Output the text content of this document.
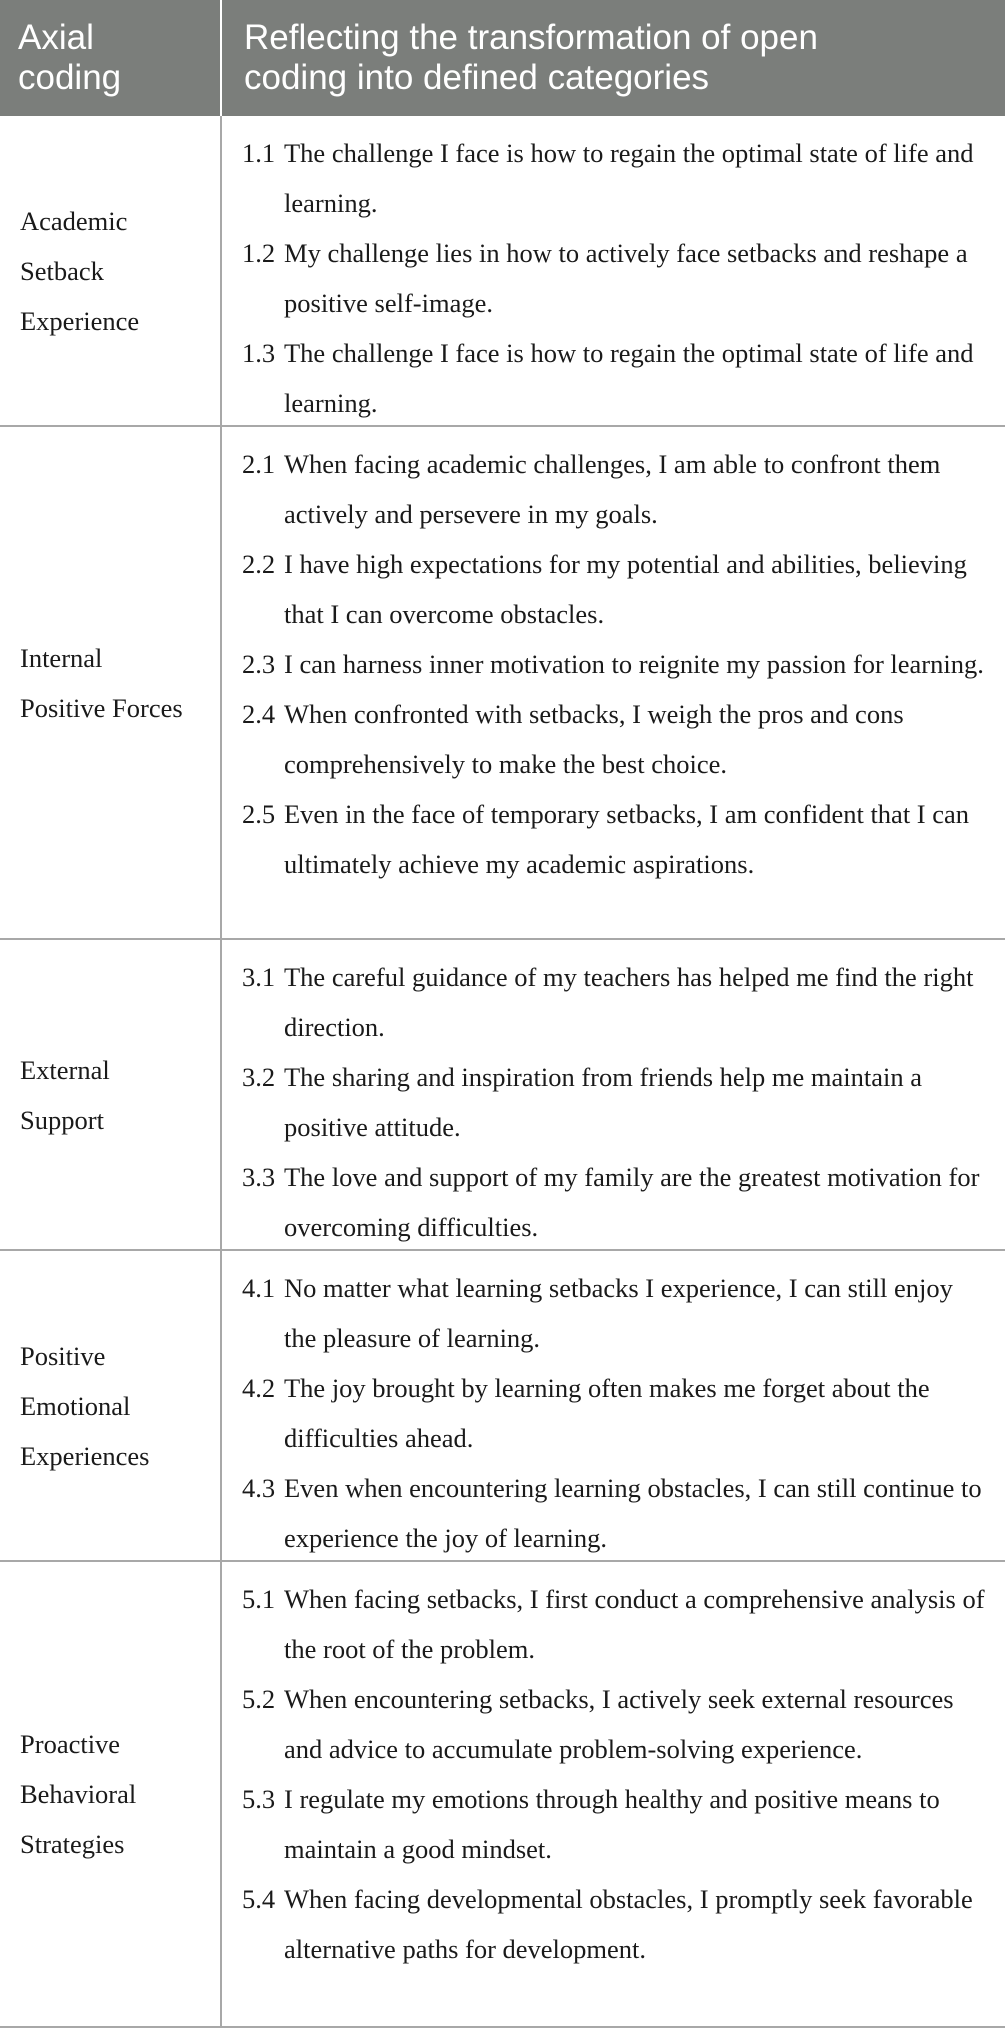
Axial
coding
Reflecting the transformation of open
coding into defined categories
Academic
Setback
Experience
1.1 The challenge I face is how to regain the optimal state of life and learning.
1.2 My challenge lies in how to actively face setbacks and reshape a positive self-image.
1.3 The challenge I face is how to regain the optimal state of life and learning.
Internal
Positive Forces
2.1 When facing academic challenges, I am able to confront them actively and persevere in my goals.
2.2 I have high expectations for my potential and abilities, believing that I can overcome obstacles.
2.3 I can harness inner motivation to reignite my passion for learning.
2.4 When confronted with setbacks, I weigh the pros and cons comprehensively to make the best choice.
2.5 Even in the face of temporary setbacks, I am confident that I can ultimately achieve my academic aspirations.
External
Support
3.1 The careful guidance of my teachers has helped me find the right direction.
3.2 The sharing and inspiration from friends help me maintain a positive attitude.
3.3 The love and support of my family are the greatest motivation for overcoming difficulties.
Positive
Emotional
Experiences
4.1 No matter what learning setbacks I experience, I can still enjoy the pleasure of learning.
4.2 The joy brought by learning often makes me forget about the difficulties ahead.
4.3 Even when encountering learning obstacles, I can still continue to experience the joy of learning.
Proactive
Behavioral
Strategies
5.1 When facing setbacks, I first conduct a comprehensive analysis of the root of the problem.
5.2 When encountering setbacks, I actively seek external resources and advice to accumulate problem-solving experience.
5.3 I regulate my emotions through healthy and positive means to maintain a good mindset.
5.4 When facing developmental obstacles, I promptly seek favorable alternative paths for development.
